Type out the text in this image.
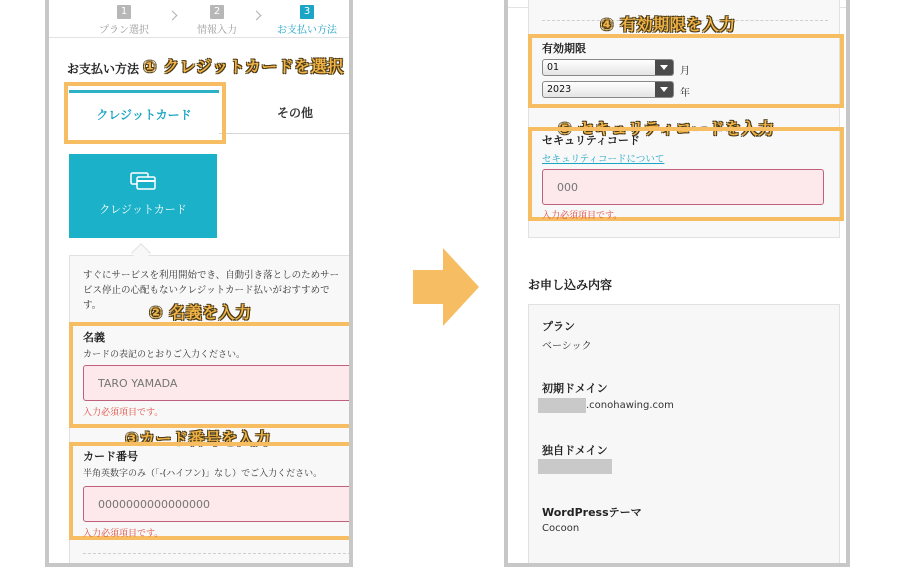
1
プラン選択
2
情報入力
3
お支払い方法
お支払い方法 ① クレジットカードを選択
その他
クレジットカード
クレジットカード
すぐにサービスを利用開始でき、自動引き落としのためサービス停止の心配もないクレジットカード払いがおすすめです。	② 名義を入力
名義
カードの表記のとおりご入力ください。
TARO YAMADA
入力必須項目です。
③カード番号を入力
カード番号
半角英数字のみ（「-(ハイフン)」なし）でご入力ください。
0000000000000000
入力必須項目です。
④ 有効期限を入力
有効期限
01	月
2023	年
セキュリティコード
⑤ セキュリティコードを入力
セキュリティコードについて
000
入力必須項目です。
お申し込み内容
プラン
ベーシック
初期ドメイン
.conohawing.com
独自ドメイン
WordPressテーマ
Cocoon
